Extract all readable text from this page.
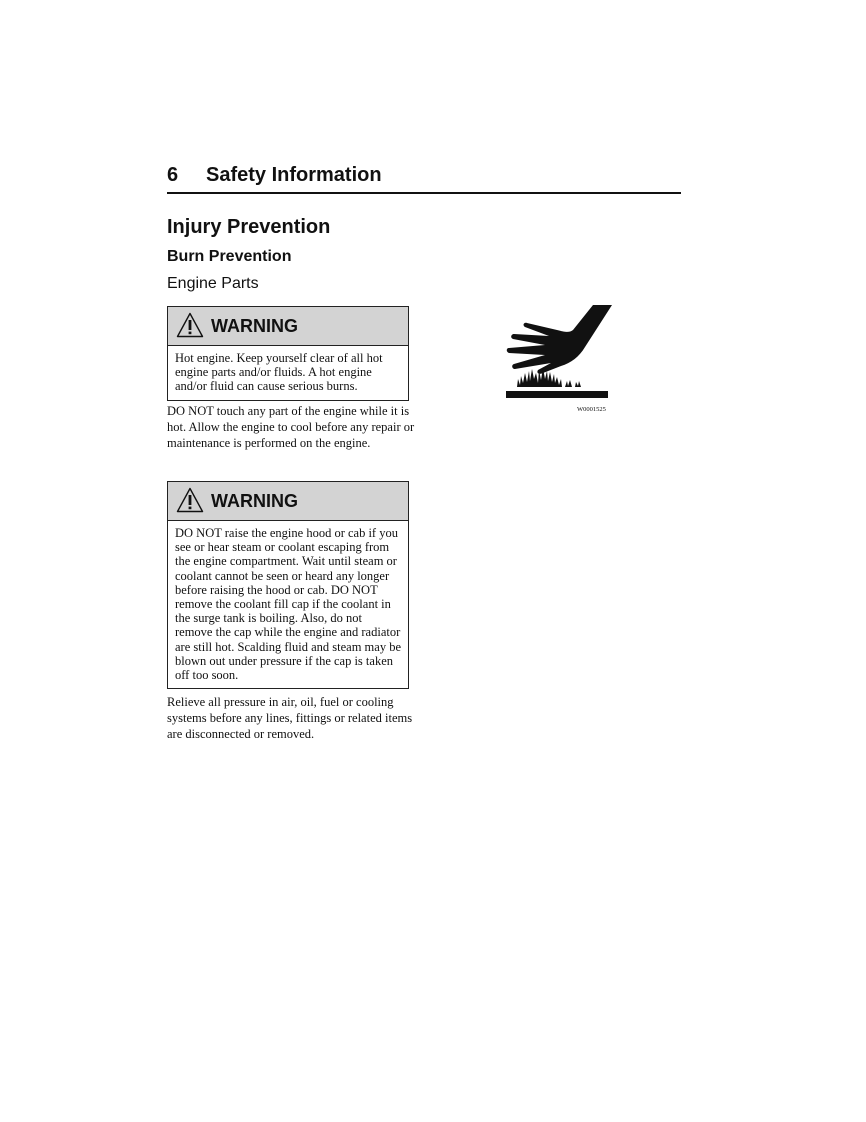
6 Safety Information
Injury Prevention
Burn Prevention
Engine Parts
WARNING
Hot engine. Keep yourself clear of all hot engine parts and/or fluids. A hot engine and/or fluid can cause serious burns.
DO NOT touch any part of the engine while it is hot. Allow the engine to cool before any repair or maintenance is performed on the engine.
WARNING
DO NOT raise the engine hood or cab if you see or hear steam or coolant escaping from the engine compartment. Wait until steam or coolant cannot be seen or heard any longer before raising the hood or cab. DO NOT remove the coolant fill cap if the coolant in the surge tank is boiling. Also, do not remove the cap while the engine and radiator are still hot. Scalding fluid and steam may be blown out under pressure if the cap is taken off too soon.
Relieve all pressure in air, oil, fuel or cooling systems before any lines, fittings or related items are disconnected or removed.
W0001525
